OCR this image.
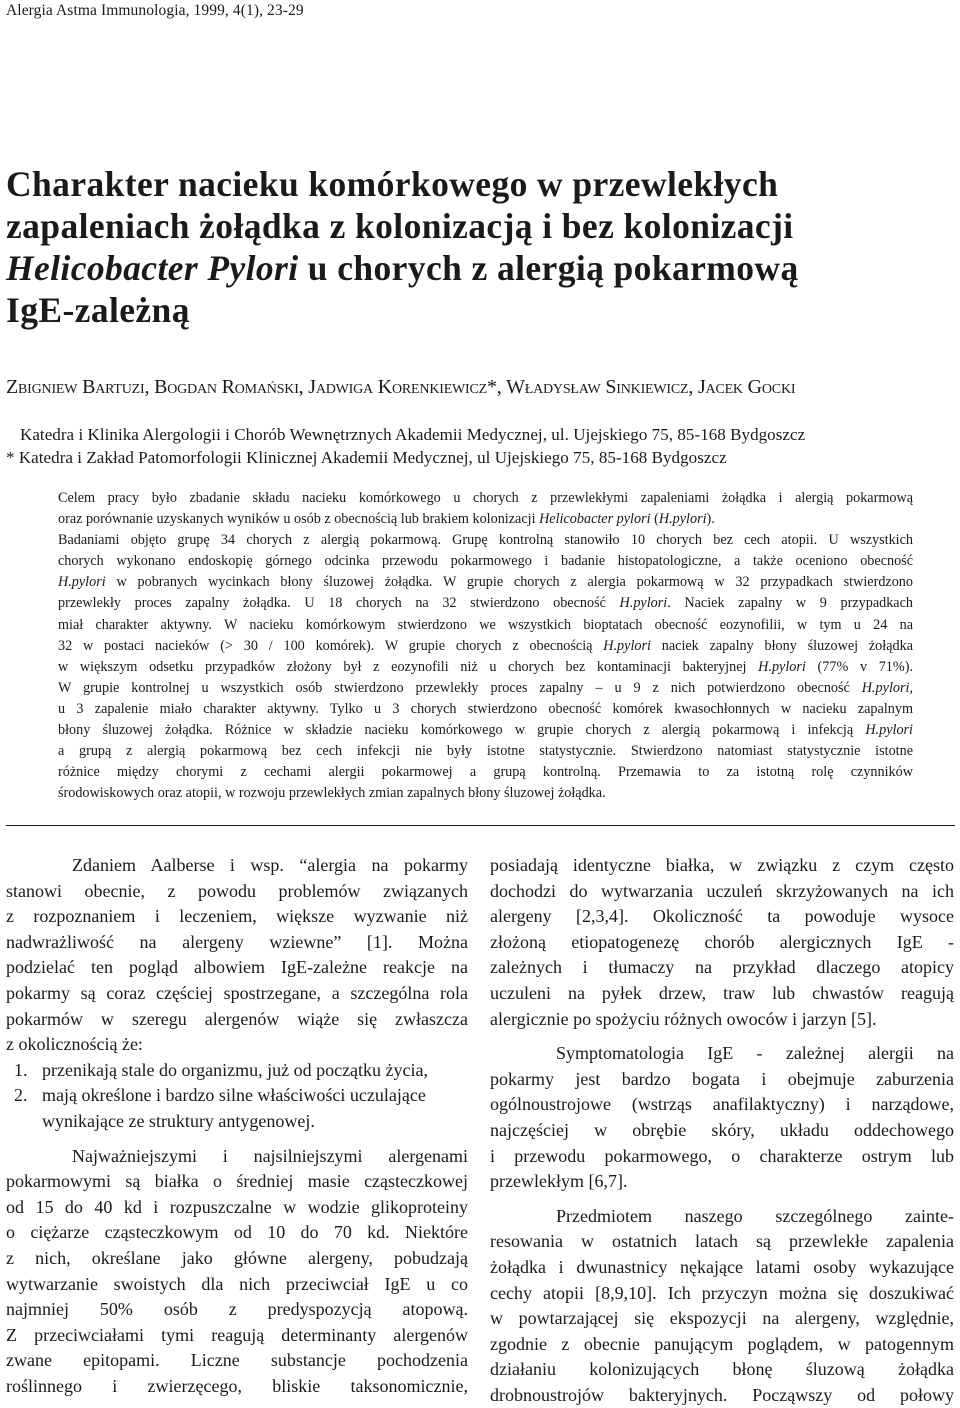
Alergia Astma Immunologia, 1999, 4(1), 23-29
Charakter nacieku komórkowego w przewlekłych
zapaleniach żołądka z kolonizacją i bez kolonizacji
Helicobacter Pylori u chorych z alergią pokarmową
IgE-zależną
Zbigniew Bartuzi, Bogdan Romański, Jadwiga Korenkiewicz*, Władysław Sinkiewicz, Jacek Gocki
Katedra i Klinika Alergologii i Chorób Wewnętrznych Akademii Medycznej, ul. Ujejskiego 75, 85-168 Bydgoszcz
* Katedra i Zakład Patomorfologii Klinicznej Akademii Medycznej, ul Ujejskiego 75, 85-168 Bydgoszcz
Celem pracy było zbadanie składu nacieku komórkowego u chorych z przewlekłymi zapaleniami żołądka i alergią pokarmową
oraz porównanie uzyskanych wyników u osób z obecnością lub brakiem kolonizacji Helicobacter pylori (H.pylori).
Badaniami objęto grupę 34 chorych z alergią pokarmową. Grupę kontrolną stanowiło 10 chorych bez cech atopii. U wszystkich
chorych wykonano endoskopię górnego odcinka przewodu pokarmowego i badanie histopatologiczne, a także oceniono obecność
H.pylori w pobranych wycinkach błony śluzowej żołądka. W grupie chorych z alergia pokarmową w 32 przypadkach stwierdzono
przewlekły proces zapalny żołądka. U 18 chorych na 32 stwierdzono obecność H.pylori. Naciek zapalny w 9 przypadkach
miał charakter aktywny. W nacieku komórkowym stwierdzono we wszystkich bioptatach obecność eozynofilii, w tym u 24 na
32 w postaci nacieków (> 30 / 100 komórek). W grupie chorych z obecnością H.pylori naciek zapalny błony śluzowej żołądka
w większym odsetku przypadków złożony był z eozynofili niż u chorych bez kontaminacji bakteryjnej H.pylori (77% v 71%).
W grupie kontrolnej u wszystkich osób stwierdzono przewlekły proces zapalny – u 9 z nich potwierdzono obecność H.pylori,
u 3 zapalenie miało charakter aktywny. Tylko u 3 chorych stwierdzono obecność komórek kwasochłonnych w nacieku zapalnym
błony śluzowej żołądka. Różnice w składzie nacieku komórkowego w grupie chorych z alergią pokarmową i infekcją H.pylori
a grupą z alergią pokarmową bez cech infekcji nie były istotne statystycznie. Stwierdzono natomiast statystycznie istotne
różnice między chorymi z cechami alergii pokarmowej a grupą kontrolną. Przemawia to za istotną rolę czynników
środowiskowych oraz atopii, w rozwoju przewlekłych zmian zapalnych błony śluzowej żołądka.
Zdaniem Aalberse i wsp. “alergia na pokarmy
stanowi obecnie, z powodu problemów związanych
z rozpoznaniem i leczeniem, większe wyzwanie niż
nadwrażliwość na alergeny wziewne” [1]. Można
podzielać ten pogląd albowiem IgE-zależne reakcje na
pokarmy są coraz częściej spostrzegane, a szczególna rola
pokarmów w szeregu alergenów wiąże się zwłaszcza
z okolicznością że:
1. przenikają stale do organizmu, już od początku życia,
2. mają określone i bardzo silne właściwości uczulające
wynikające ze struktury antygenowej.
Najważniejszymi i najsilniejszymi alergenami
pokarmowymi są białka o średniej masie cząsteczkowej
od 15 do 40 kd i rozpuszczalne w wodzie glikoproteiny
o ciężarze cząsteczkowym od 10 do 70 kd. Niektóre
z nich, określane jako główne alergeny, pobudzają
wytwarzanie swoistych dla nich przeciwciał IgE u co
najmniej 50% osób z predyspozycją atopową.
Z przeciwciałami tymi reagują determinanty alergenów
zwane epitopami. Liczne substancje pochodzenia
roślinnego i zwierzęcego, bliskie taksonomicznie,
posiadają identyczne białka, w związku z czym często
dochodzi do wytwarzania uczuleń skrzyżowanych na ich
alergeny [2,3,4]. Okoliczność ta powoduje wysoce
złożoną etiopatogenezę chorób alergicznych IgE -
zależnych i tłumaczy na przykład dlaczego atopicy
uczuleni na pyłek drzew, traw lub chwastów reagują
alergicznie po spożyciu różnych owoców i jarzyn [5].
Symptomatologia IgE - zależnej alergii na
pokarmy jest bardzo bogata i obejmuje zaburzenia
ogólnoustrojowe (wstrząs anafilaktyczny) i narządowe,
najczęściej w obrębie skóry, układu oddechowego
i przewodu pokarmowego, o charakterze ostrym lub
przewlekłym [6,7].
Przedmiotem naszego szczególnego zainte-
resowania w ostatnich latach są przewlekłe zapalenia
żołądka i dwunastnicy nękające latami osoby wykazujące
cechy atopii [8,9,10]. Ich przyczyn można się doszukiwać
w powtarzającej się ekspozycji na alergeny, względnie,
zgodnie z obecnie panującym poglądem, w patogennym
działaniu kolonizujących błonę śluzową żołądka
drobnoustrojów bakteryjnych. Począwszy od połowy
